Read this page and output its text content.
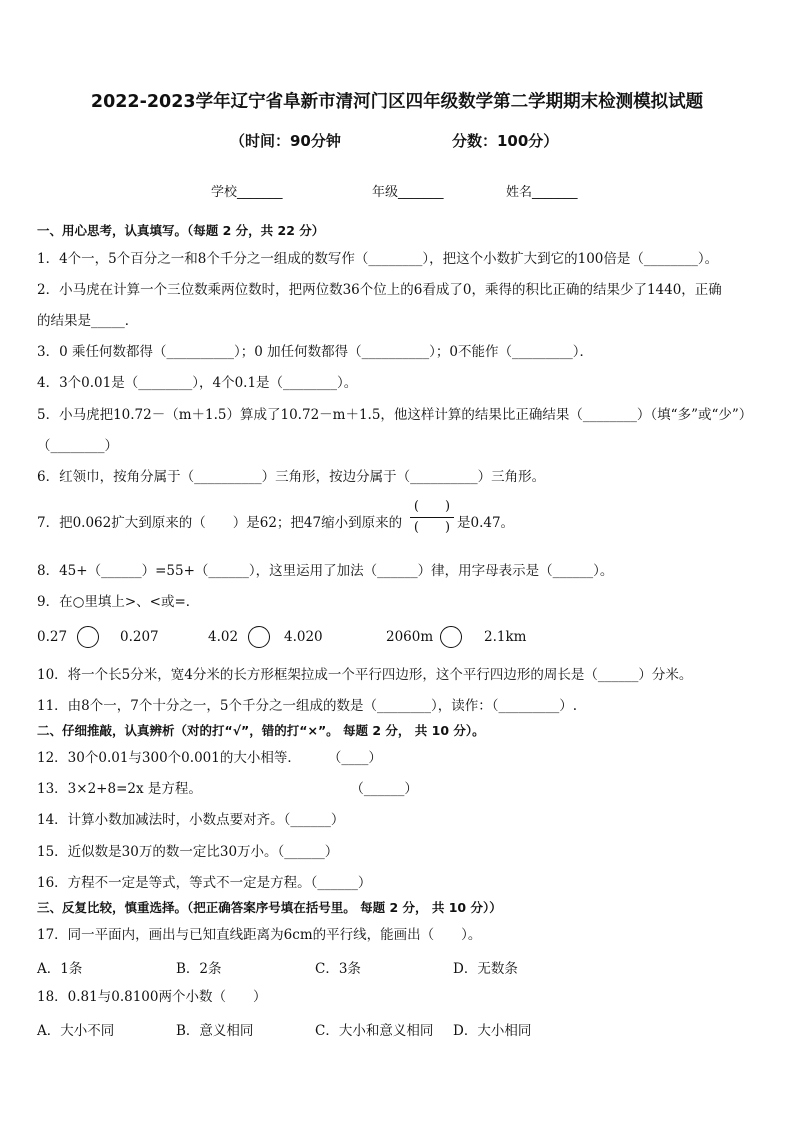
2022-2023学年辽宁省阜新市清河门区四年级数学第二学期期末检测模拟试题
（时间：90分钟	分数：100分）
学校_______	年级_______	姓名_______
一、用心思考，认真填写。（每题 2 分，共 22 分）
1．4个一，5个百分之一和8个千分之一组成的数写作（________），把这个小数扩大到它的100倍是（________）。
2．小马虎在计算一个三位数乘两位数时，把两位数36个位上的6看成了0，乘得的积比正确的结果少了1440，正确
的结果是_____．
3．0 乘任何数都得（__________）；0 加任何数都得（__________）；0不能作（_________）．
4．3个0.01是（________），4个0.1是（________）。
5．小马虎把10.72－（m＋1.5）算成了10.72－m＋1.5，他这样计算的结果比正确结果（________）（填“多”或“少”）
（________）
6．红领巾，按角分属于（__________）三角形，按边分属于（__________）三角形。
7．把0.062扩大到原来的（　　）是62；把47缩小到原来的
(　　)
(　　) 是0.47。
8．45+（______）=55+（______），这里运用了加法（______）律，用字母表示是（______）。
9．在○里填上>、<或=．
0.27	0.207	4.02	4.020	2060m	2.1km
10．将一个长5分米，宽4分米的长方形框架拉成一个平行四边形，这个平行四边形的周长是（______）分米。
11．由8个一，7个十分之一，5个千分之一组成的数是（________），读作：（_________）.
二、仔细推敲，认真辨析（对的打“√”，错的打“×”。 每题 2 分， 共 10 分）。
12．30个0.01与300个0.001的大小相等．　　　（____）
13．3×2+8=2x 是方程。　　　　　　　　　　　　（______）
14．计算小数加减法时，小数点要对齐。（______）
15．近似数是30万的数一定比30万小。（______）
16．方程不一定是等式，等式不一定是方程。（______）
三、反复比较，慎重选择。（把正确答案序号填在括号里。 每题 2 分， 共 10 分））
17．同一平面内，画出与已知直线距离为6cm的平行线，能画出（　　）。
A．1条	B．2条	C．3条	D．无数条
18．0.81与0.8100两个小数（　　）
A．大小不同	B．意义相同	C．大小和意义相同 D．大小相同
